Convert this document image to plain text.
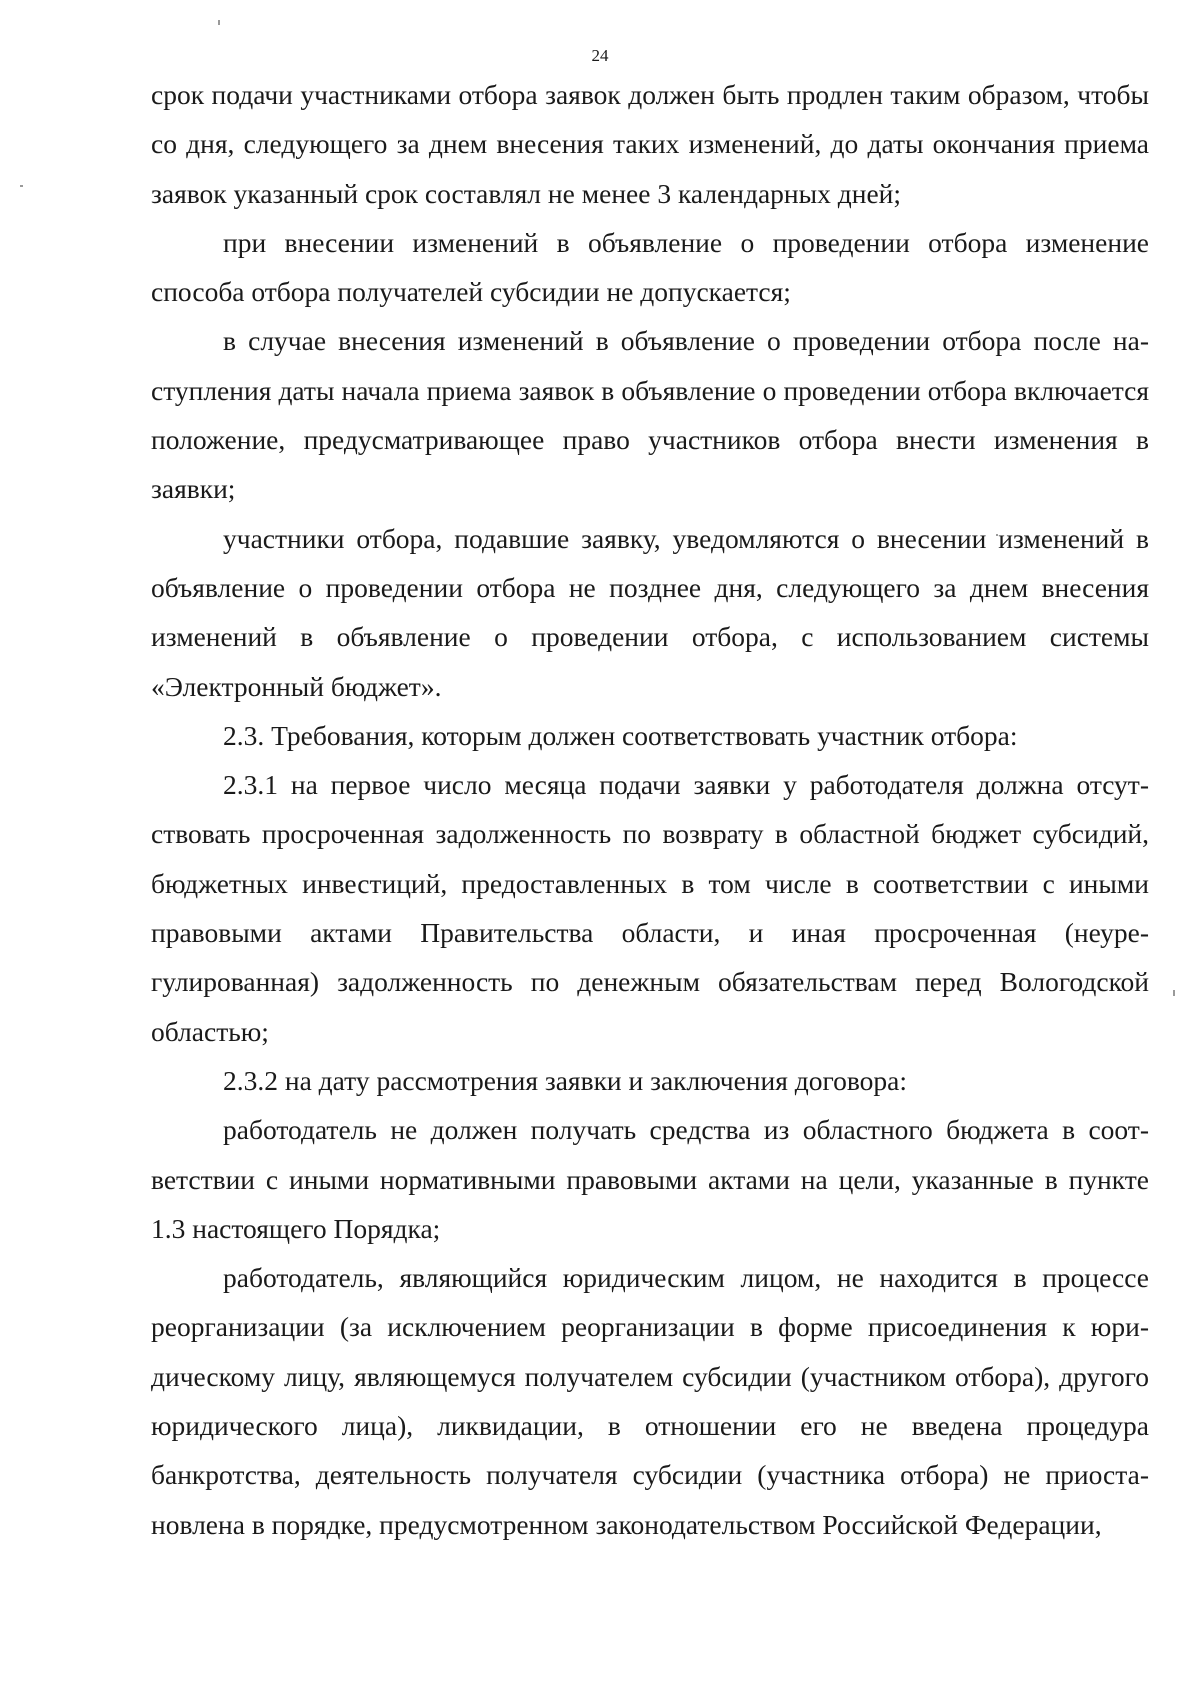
24

срок подачи участниками отбора заявок должен быть продлен таким образом, чтобы со дня, следующего за днем внесения таких изменений, до даты окончания приема заявок указанный срок составлял не менее 3 календарных дней;

при внесении изменений в объявление о проведении отбора изменение способа отбора получателей субсидии не допускается;

в случае внесения изменений в объявление о проведении отбора после наступления даты начала приема заявок в объявление о проведении отбора включается положение, предусматривающее право участников отбора внести изменения в заявки;

участники отбора, подавшие заявку, уведомляются о внесении изменений в объявление о проведении отбора не позднее дня, следующего за днем внесения изменений в объявление о проведении отбора, с использованием системы «Электронный бюджет».

2.3. Требования, которым должен соответствовать участник отбора:

2.3.1 на первое число месяца подачи заявки у работодателя должна отсутствовать просроченная задолженность по возврату в областной бюджет субсидий, бюджетных инвестиций, предоставленных в том числе в соответствии с иными правовыми актами Правительства области, и иная просроченная (неурегулированная) задолженность по денежным обязательствам перед Вологодской областью;

2.3.2 на дату рассмотрения заявки и заключения договора:

работодатель не должен получать средства из областного бюджета в соответствии с иными нормативными правовыми актами на цели, указанные в пункте 1.3 настоящего Порядка;

работодатель, являющийся юридическим лицом, не находится в процессе реорганизации (за исключением реорганизации в форме присоединения к юридическому лицу, являющемуся получателем субсидии (участником отбора), другого юридического лица), ликвидации, в отношении его не введена процедура банкротства, деятельность получателя субсидии (участника отбора) не приостановлена в порядке, предусмотренном законодательством Российской Федерации,
